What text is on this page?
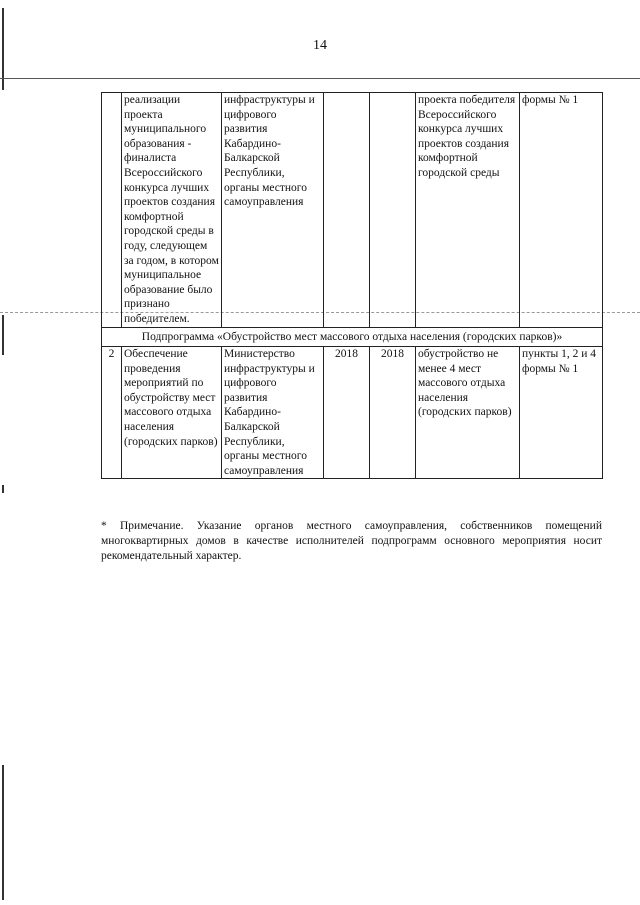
14
	реализации проекта муниципального образования - финалиста Всероссийского конкурса лучших проектов создания комфортной городской среды в году, следующем за годом, в котором муниципальное образование было признано победителем.	инфраструктуры и цифрового развития Кабардино-Балкарской Республики, органы местного самоуправления			проекта победителя Всероссийского конкурса лучших проектов создания комфортной городской среды	формы № 1
Подпрограмма «Обустройство мест массового отдыха населения (городских парков)»						
2	Обеспечение проведения мероприятий по обустройству мест массового отдыха населения (городских парков)	Министерство инфраструктуры и цифрового развития Кабардино-Балкарской Республики, органы местного самоуправления	2018	2018	обустройство не менее 4 мест массового отдыха населения (городских парков)	пункты 1, 2 и 4 формы № 1

* Примечание. Указание органов местного самоуправления, собственников помещений многоквартирных домов в качестве исполнителей подпрограмм основного мероприятия носит рекомендательный характер.
